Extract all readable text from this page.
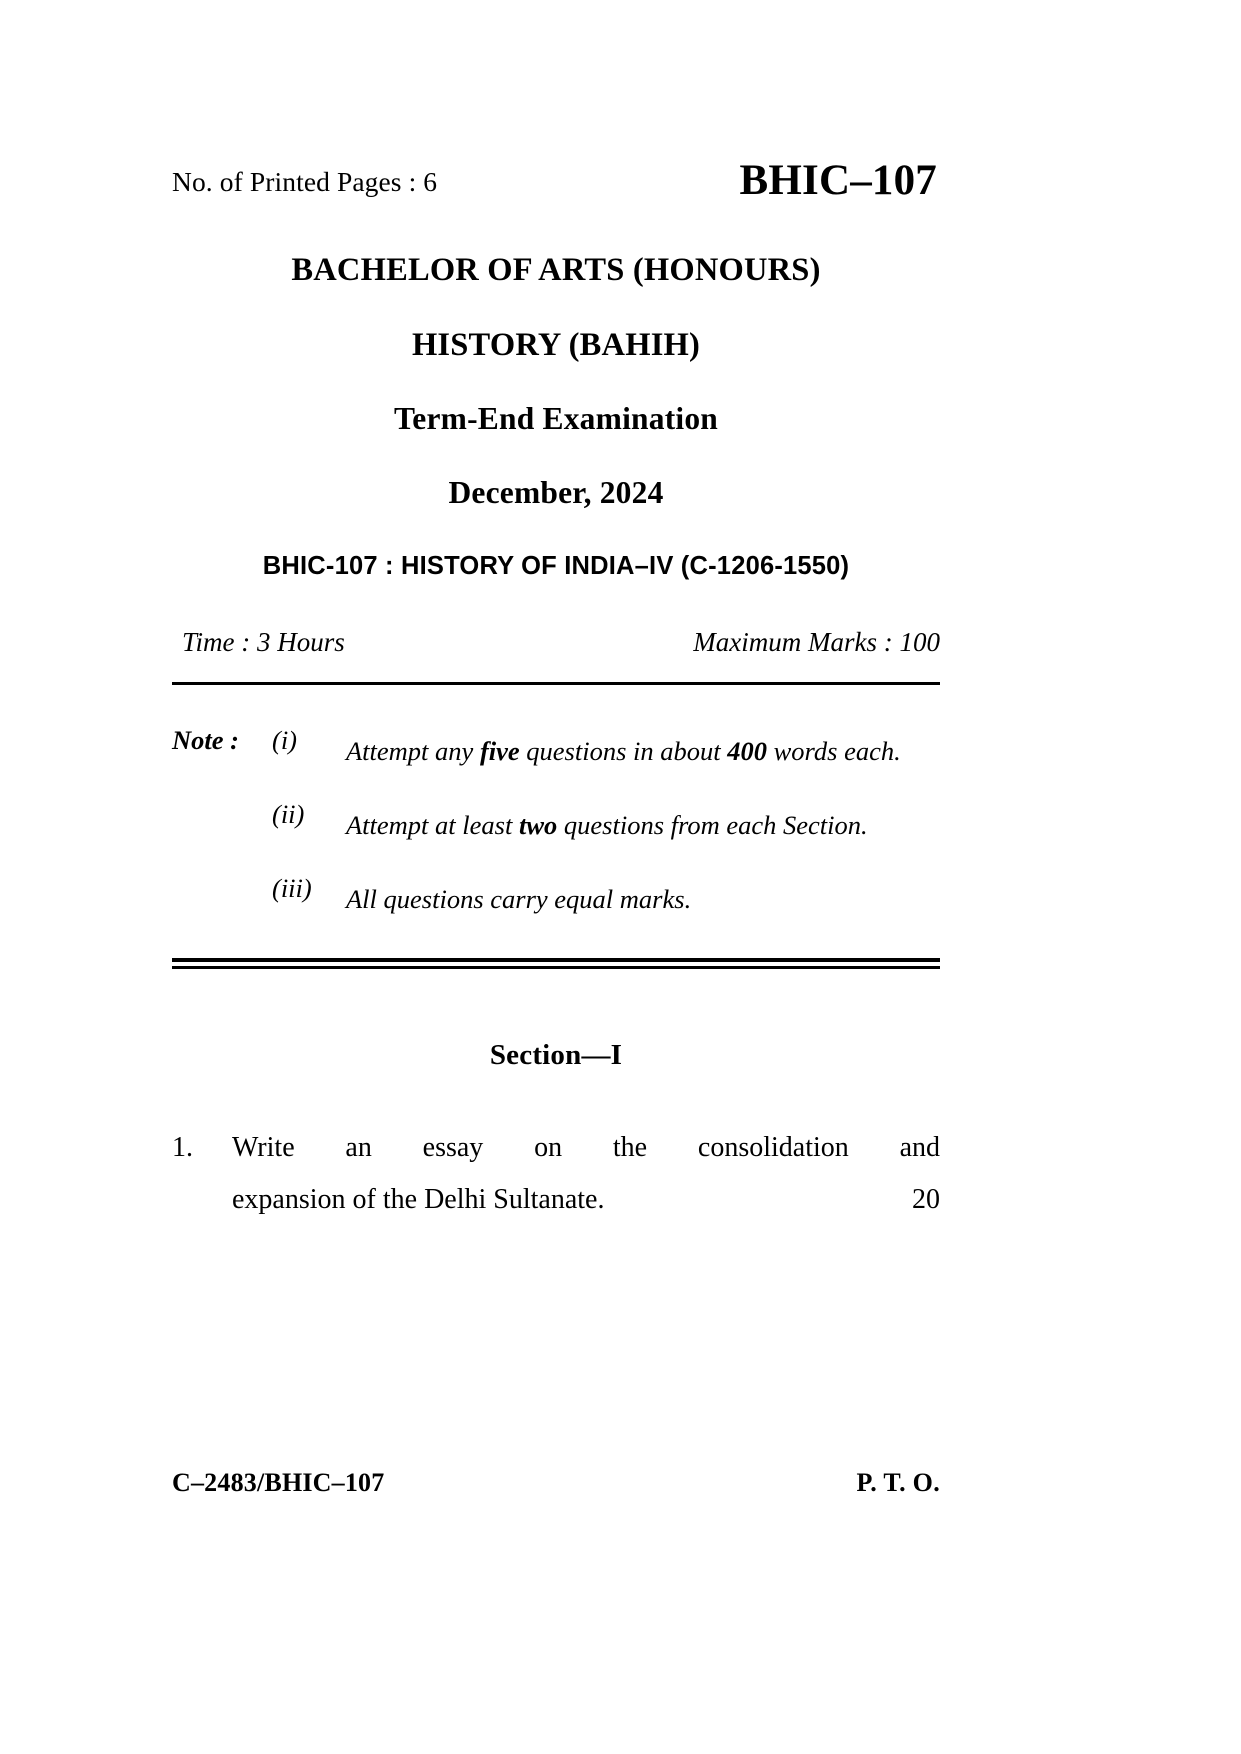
No. of Printed Pages : 6	BHIC–107
BACHELOR OF ARTS (HONOURS)
HISTORY (BAHIH)
Term-End Examination
December, 2024
BHIC-107 : HISTORY OF INDIA–IV (C-1206-1550)
Time : 3 Hours	Maximum Marks : 100
Note :	(i)	Attempt any five questions in about 400 words each.
(ii)	Attempt at least two questions from each Section.
(iii)	All questions carry equal marks.
Section—I
1.	Write an essay on the consolidation and
expansion of the Delhi Sultanate.	20
C–2483/BHIC–107	P. T. O.
